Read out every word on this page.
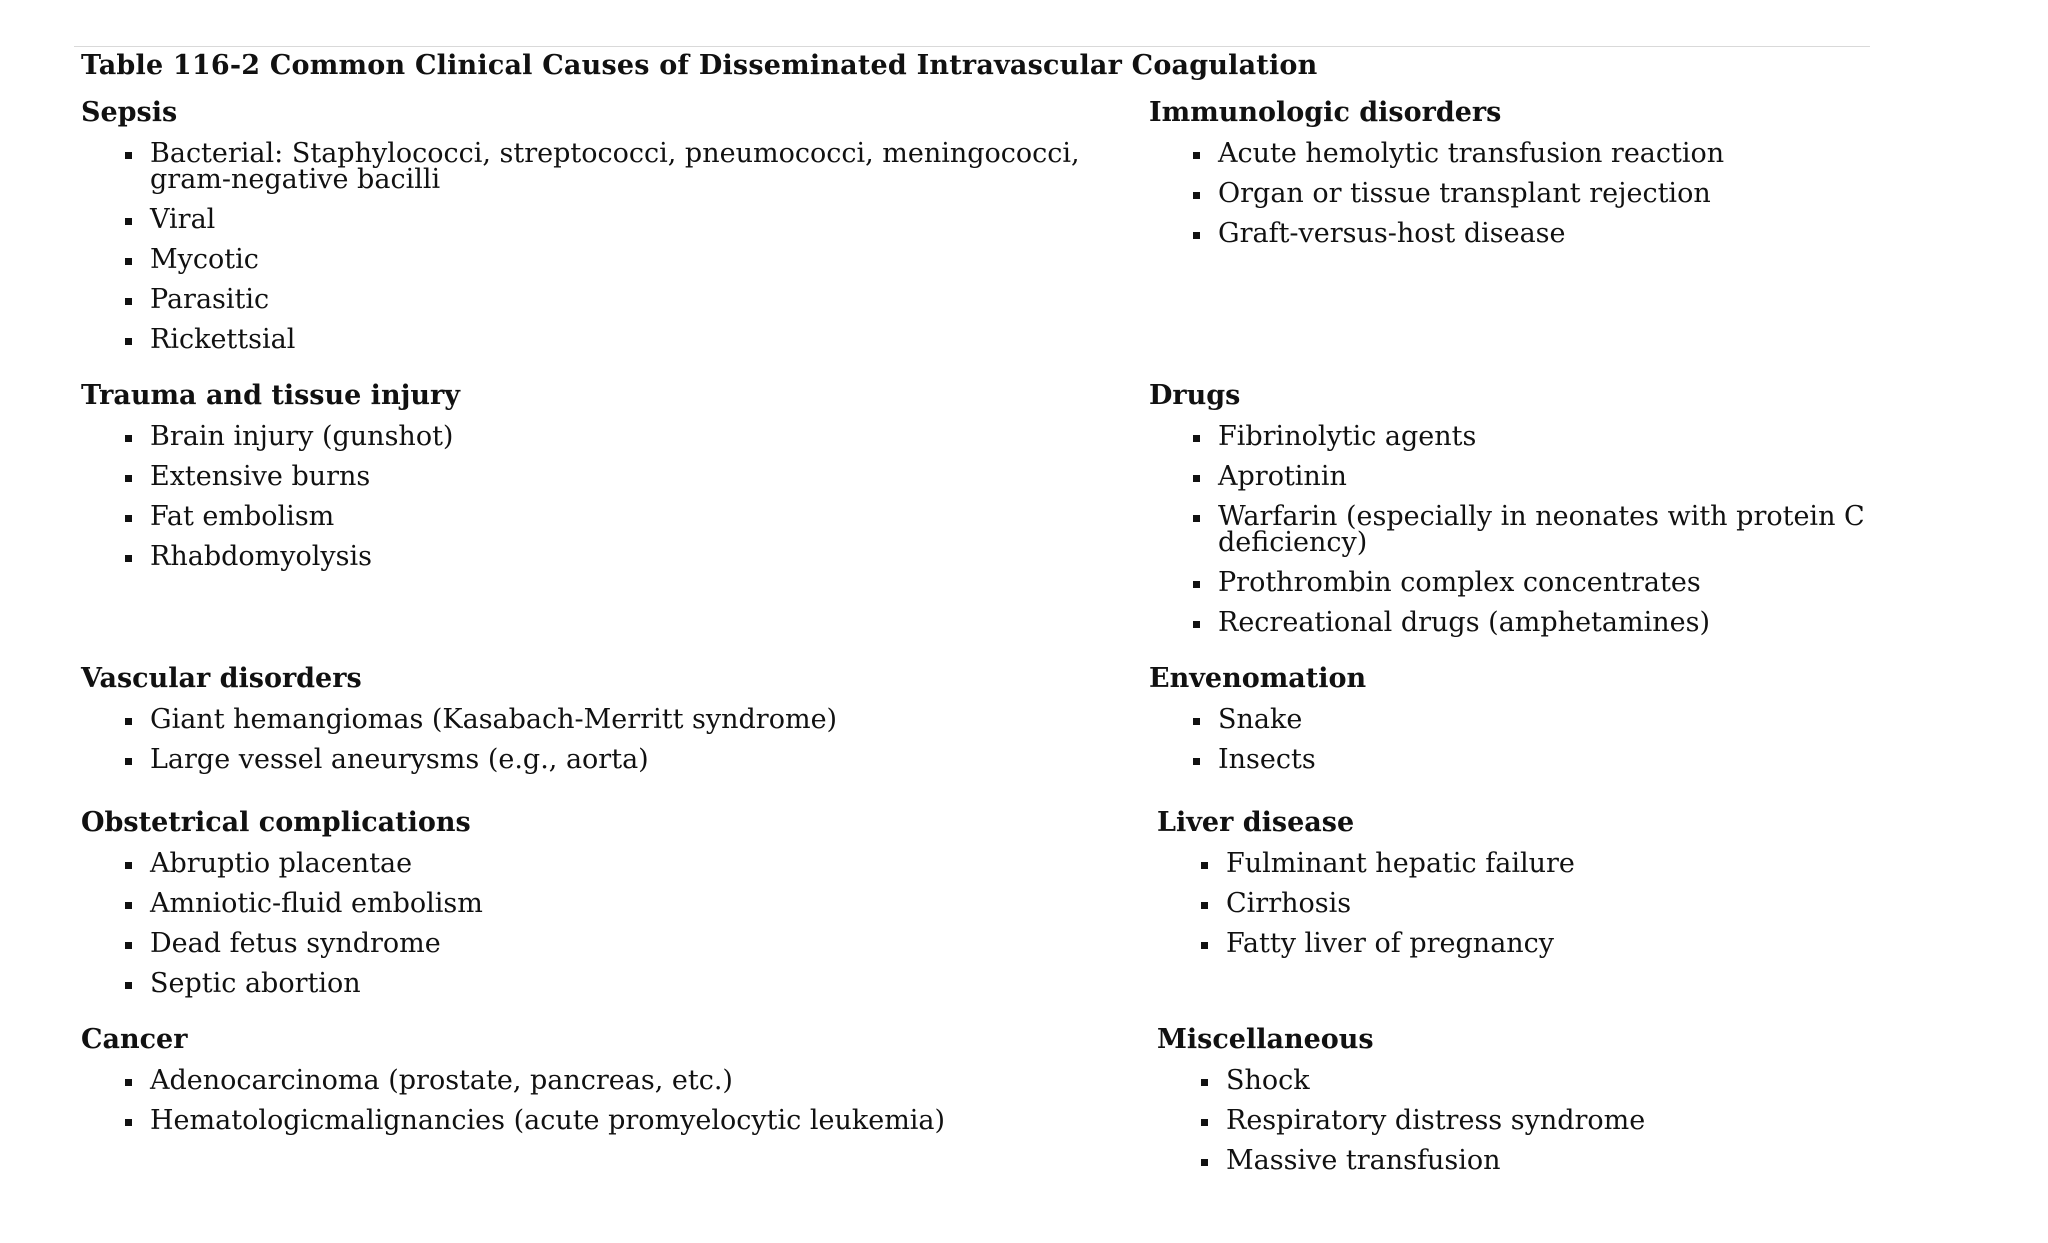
Table 116-2 Common Clinical Causes of Disseminated Intravascular Coagulation
Sepsis
Bacterial: Staphylococci, streptococci, pneumococci, meningococci, gram-negative bacilli
Viral
Mycotic
Parasitic
Rickettsial
Immunologic disorders
Acute hemolytic transfusion reaction
Organ or tissue transplant rejection
Graft-versus-host disease
Trauma and tissue injury
Brain injury (gunshot)
Extensive burns
Fat embolism
Rhabdomyolysis
Drugs
Fibrinolytic agents
Aprotinin
Warfarin (especially in neonates with protein C deficiency)
Prothrombin complex concentrates
Recreational drugs (amphetamines)
Vascular disorders
Giant hemangiomas (Kasabach-Merritt syndrome)
Large vessel aneurysms (e.g., aorta)
Envenomation
Snake
Insects
Obstetrical complications
Abruptio placentae
Amniotic-fluid embolism
Dead fetus syndrome
Septic abortion
Liver disease
Fulminant hepatic failure
Cirrhosis
Fatty liver of pregnancy
Cancer
Adenocarcinoma (prostate, pancreas, etc.)
Hematologicmalignancies (acute promyelocytic leukemia)
Miscellaneous
Shock
Respiratory distress syndrome
Massive transfusion
